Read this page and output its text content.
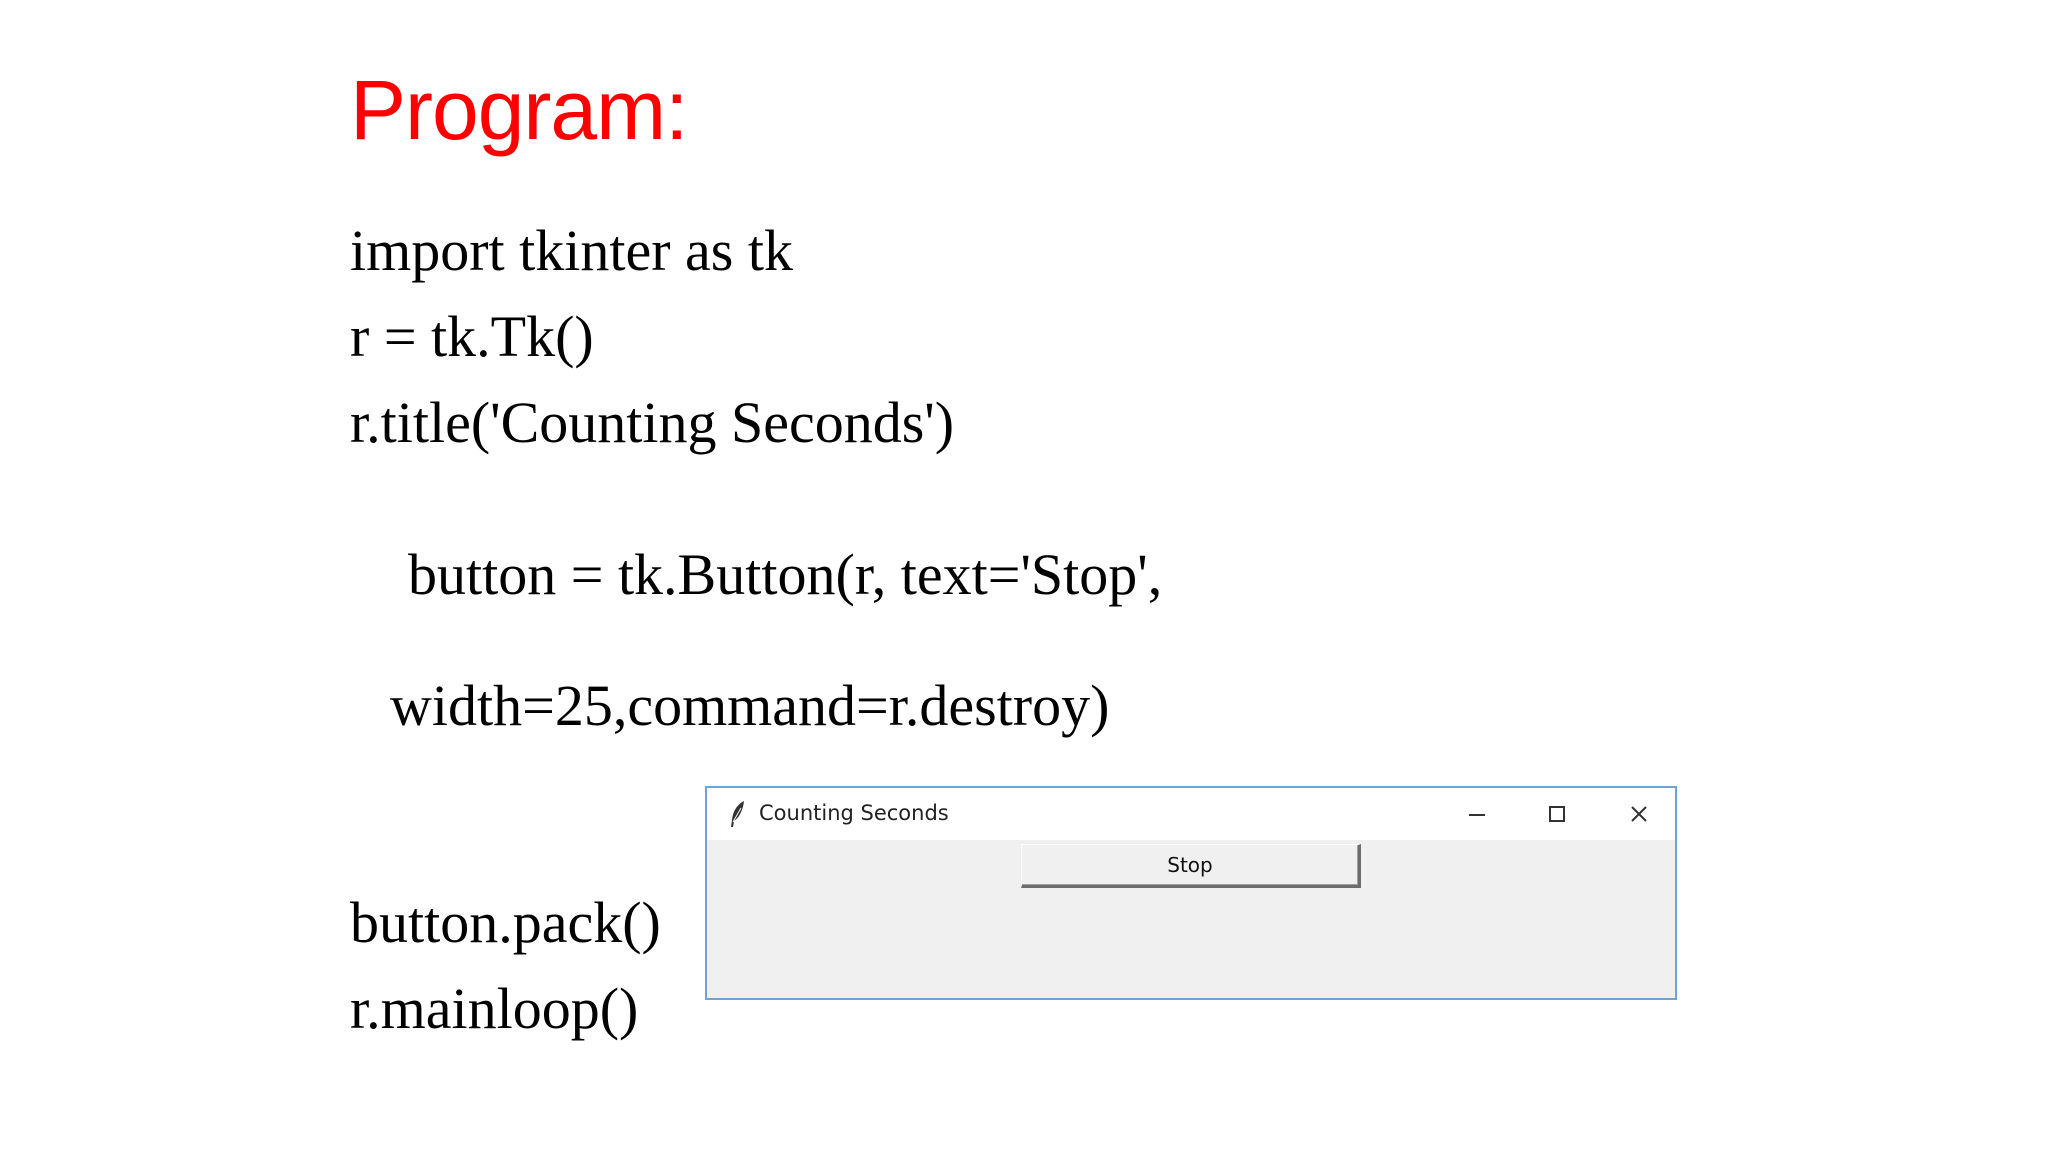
Program:
import tkinter as tk
r = tk.Tk()
r.title('Counting Seconds')

button = tk.Button(r, text='Stop',

width=25,command=r.destroy)

button.pack()
r.mainloop()
Counting Seconds
Stop
